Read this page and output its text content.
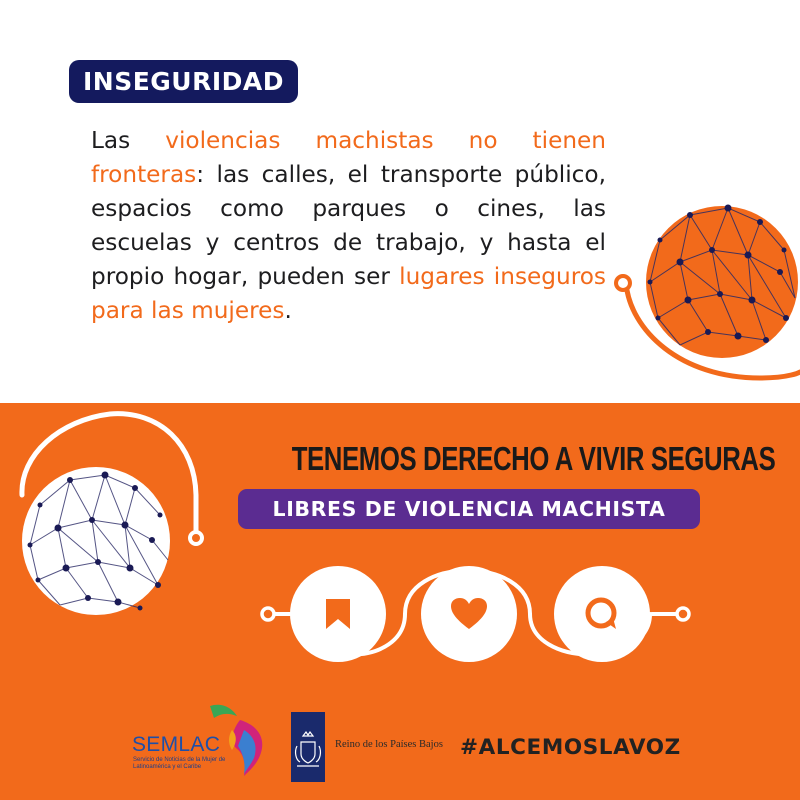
INSEGURIDAD

Las violencias machistas no tienen fronteras: las calles, el transporte público, espacios como parques o cines, las escuelas y centros de trabajo, y hasta el propio hogar, pueden ser lugares inseguros para las mujeres.

TENEMOS DERECHO A VIVIR SEGURAS
LIBRES DE VIOLENCIA MACHISTA
SEMLAC
Servicio de Noticias de la Mujer de Latinoamérica y el Caribe
Reino de los Países Bajos #ALCEMOSLAVOZ
